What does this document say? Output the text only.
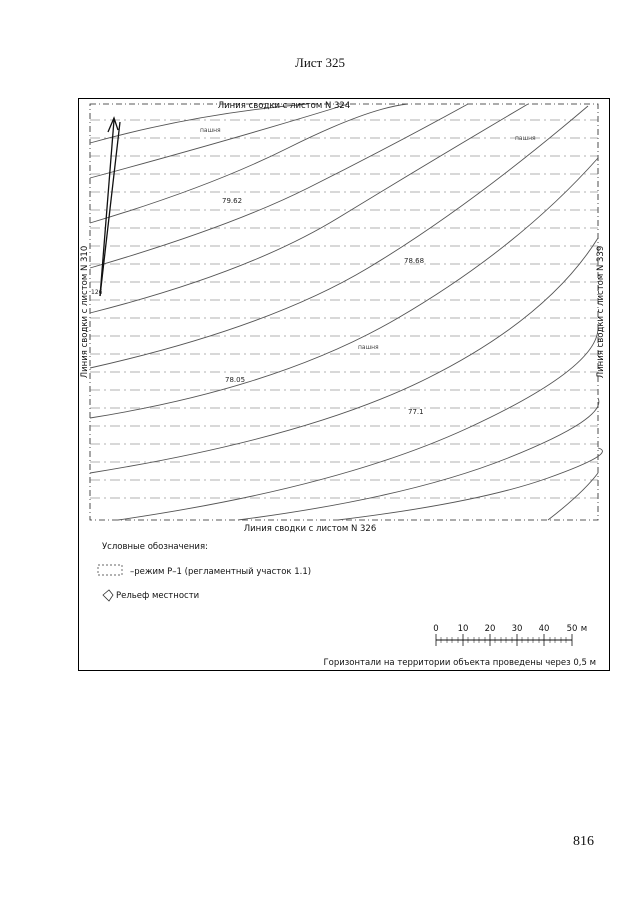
Лист 325
Линия сводки с листом N 324
Линия сводки с листом N 326
Линия сводки с листом N 310	Линия сводки с листом N 339
79.62
78.68
78.05
77.1
126
пашня
пашня
пашня
Условные обозначения:
–режим Р–1 (регламентный участок 1.1)
Рельеф местности
0 10 20 30 40 50 м
Горизонтали на территории объекта проведены через 0,5 м
816
